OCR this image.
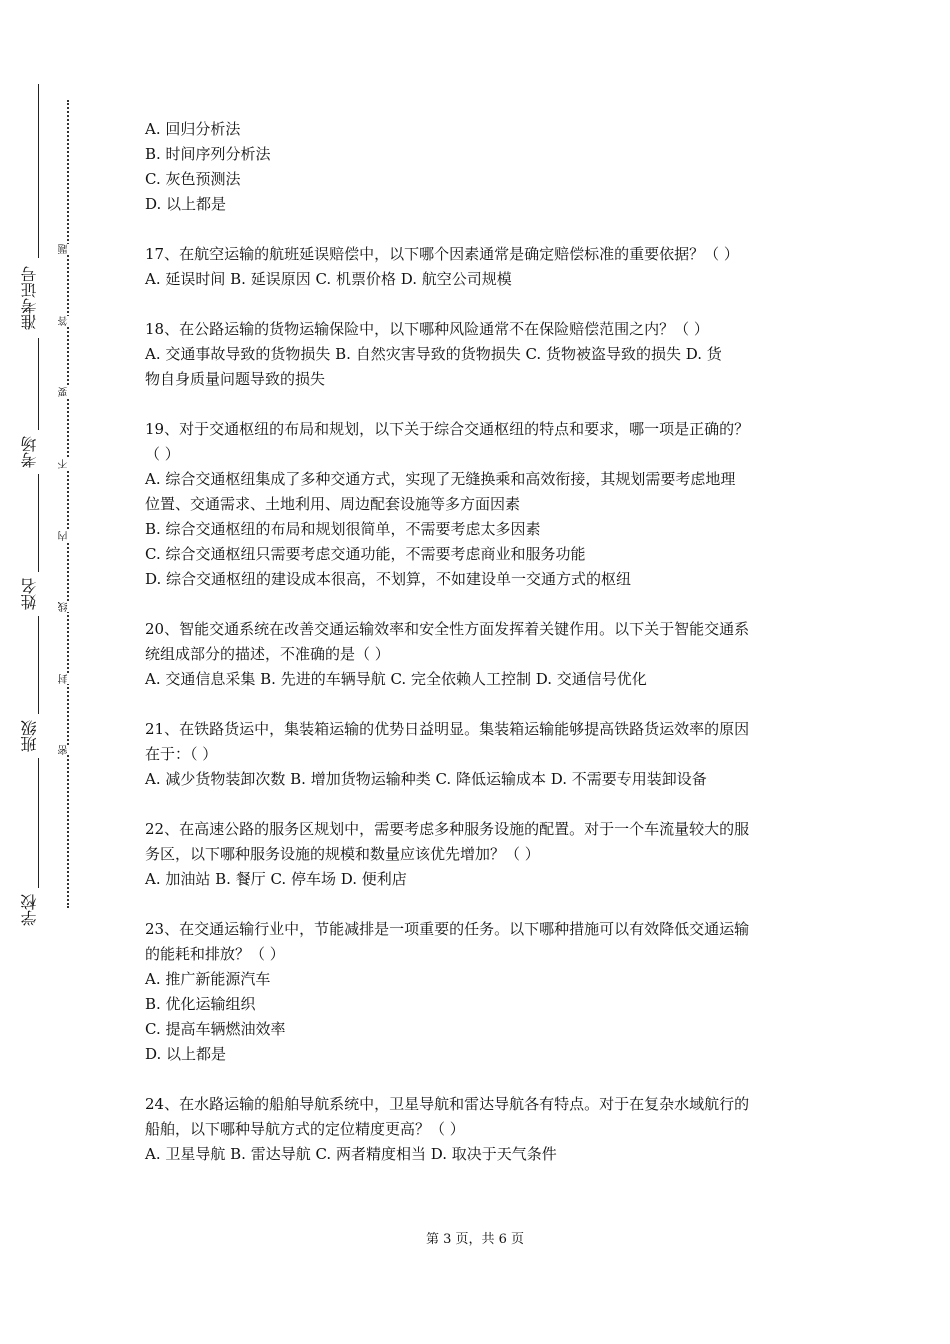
准考证号
考场
姓名
班级
学校
题
答
要
不
内
线
封
密

A. 回归分析法

B. 时间序列分析法

C. 灰色预测法

D. 以上都是

17、在航空运输的航班延误赔偿中，以下哪个因素通常是确定赔偿标准的重要依据？（ ）

A. 延误时间 B. 延误原因 C. 机票价格 D. 航空公司规模

18、在公路运输的货物运输保险中，以下哪种风险通常不在保险赔偿范围之内？（ ）

A. 交通事故导致的货物损失 B. 自然灾害导致的货物损失 C. 货物被盗导致的损失 D. 货

物自身质量问题导致的损失

19、对于交通枢纽的布局和规划，以下关于综合交通枢纽的特点和要求，哪一项是正确的？

（ ）

A. 综合交通枢纽集成了多种交通方式，实现了无缝换乘和高效衔接，其规划需要考虑地理

位置、交通需求、土地利用、周边配套设施等多方面因素

B. 综合交通枢纽的布局和规划很简单，不需要考虑太多因素

C. 综合交通枢纽只需要考虑交通功能，不需要考虑商业和服务功能

D. 综合交通枢纽的建设成本很高，不划算，不如建设单一交通方式的枢纽

20、智能交通系统在改善交通运输效率和安全性方面发挥着关键作用。以下关于智能交通系

统组成部分的描述，不准确的是（ ）

A. 交通信息采集 B. 先进的车辆导航 C. 完全依赖人工控制 D. 交通信号优化

21、在铁路货运中，集装箱运输的优势日益明显。集装箱运输能够提高铁路货运效率的原因

在于：（ ）

A. 减少货物装卸次数 B. 增加货物运输种类 C. 降低运输成本 D. 不需要专用装卸设备

22、在高速公路的服务区规划中，需要考虑多种服务设施的配置。对于一个车流量较大的服

务区，以下哪种服务设施的规模和数量应该优先增加？（ ）

A. 加油站 B. 餐厅 C. 停车场 D. 便利店

23、在交通运输行业中，节能减排是一项重要的任务。以下哪种措施可以有效降低交通运输

的能耗和排放？（ ）

A. 推广新能源汽车

B. 优化运输组织

C. 提高车辆燃油效率

D. 以上都是

24、在水路运输的船舶导航系统中，卫星导航和雷达导航各有特点。对于在复杂水域航行的

船舶，以下哪种导航方式的定位精度更高？（ ）

A. 卫星导航 B. 雷达导航 C. 两者精度相当 D. 取决于天气条件

第 3 页，共 6 页
